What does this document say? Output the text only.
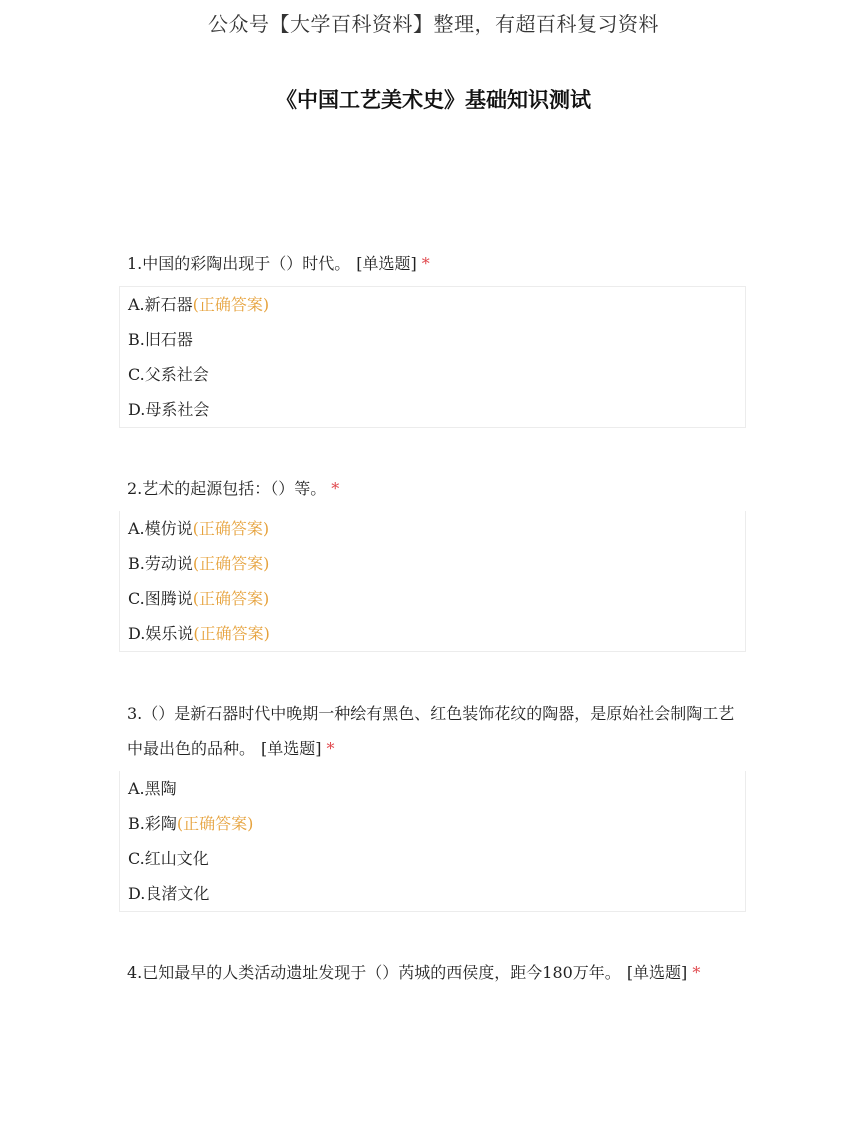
公众号【大学百科资料】整理，有超百科复习资料
《中国工艺美术史》基础知识测试
1.中国的彩陶出现于（）时代。 [单选题] *
A.新石器(正确答案)
B.旧石器
C.父系社会
D.母系社会
2.艺术的起源包括：（）等。 *
A.模仿说(正确答案)
B.劳动说(正确答案)
C.图腾说(正确答案)
D.娱乐说(正确答案)
3.（）是新石器时代中晚期一种绘有黑色、红色装饰花纹的陶器，是原始社会制陶工艺中最出色的品种。 [单选题] *
A.黑陶
B.彩陶(正确答案)
C.红山文化
D.良渚文化
4.已知最早的人类活动遗址发现于（）芮城的西侯度，距今180万年。 [单选题] *
